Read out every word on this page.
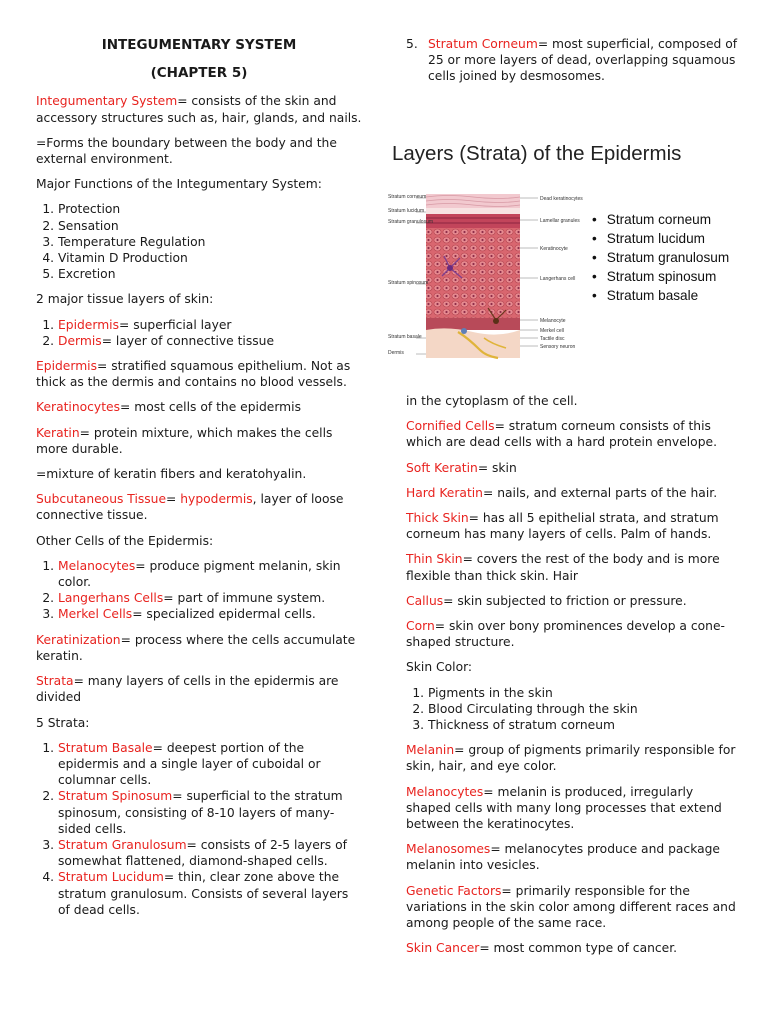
INTEGUMENTARY SYSTEM

(CHAPTER 5)

Integumentary System= consists of the skin and accessory structures such as, hair, glands, and nails.

=Forms the boundary between the body and the external environment.

Major Functions of the Integumentary System:

1. Protection
2. Sensation
3. Temperature Regulation
4. Vitamin D Production
5. Excretion

2 major tissue layers of skin:

1. Epidermis= superficial layer
2. Dermis= layer of connective tissue

Epidermis= stratified squamous epithelium. Not as thick as the dermis and contains no blood vessels.

Keratinocytes= most cells of the epidermis

Keratin= protein mixture, which makes the cells more durable.

=mixture of keratin fibers and keratohyalin.

Subcutaneous Tissue= hypodermis, layer of loose connective tissue.

Other Cells of the Epidermis:

1. Melanocytes= produce pigment melanin, skin color.
2. Langerhans Cells= part of immune system.
3. Merkel Cells= specialized epidermal cells.

Keratinization= process where the cells accumulate keratin.

Strata= many layers of cells in the epidermis are divided

5 Strata:

1. Stratum Basale= deepest portion of the epidermis and a single layer of cuboidal or columnar cells.
2. Stratum Spinosum= superficial to the stratum spinosum, consisting of 8-10 layers of many-sided cells.
3. Stratum Granulosum= consists of 2-5 layers of somewhat flattened, diamond-shaped cells.
4. Stratum Lucidum= thin, clear zone above the stratum granulosum. Consists of several layers of dead cells.
5. Stratum Corneum= most superficial, composed of 25 or more layers of dead, overlapping squamous cells joined by desmosomes.
Layers (Strata) of the Epidermis
Stratum corneum
Stratum lucidum
Stratum granulosum
Stratum spinosum
Stratum basale
Dermis
Dead keratinocytes
Lamellar granules
Keratinocyte
Langerhans cell
Melanocyte
Merkel cell
Tactile disc
Sensory neuron
• Stratum corneum
• Stratum lucidum
• Stratum granulosum
• Stratum spinosum
• Stratum basale

in the cytoplasm of the cell.

Cornified Cells= stratum corneum consists of this which are dead cells with a hard protein envelope.

Soft Keratin= skin

Hard Keratin= nails, and external parts of the hair.

Thick Skin= has all 5 epithelial strata, and stratum corneum has many layers of cells. Palm of hands.

Thin Skin= covers the rest of the body and is more flexible than thick skin. Hair

Callus= skin subjected to friction or pressure.

Corn= skin over bony prominences develop a cone-shaped structure.

Skin Color:

1. Pigments in the skin
2. Blood Circulating through the skin
3. Thickness of stratum corneum

Melanin= group of pigments primarily responsible for skin, hair, and eye color.

Melanocytes= melanin is produced, irregularly shaped cells with many long processes that extend between the keratinocytes.

Melanosomes= melanocytes produce and package melanin into vesicles.

Genetic Factors= primarily responsible for the variations in the skin color among different races and among people of the same race.

Skin Cancer= most common type of cancer.
